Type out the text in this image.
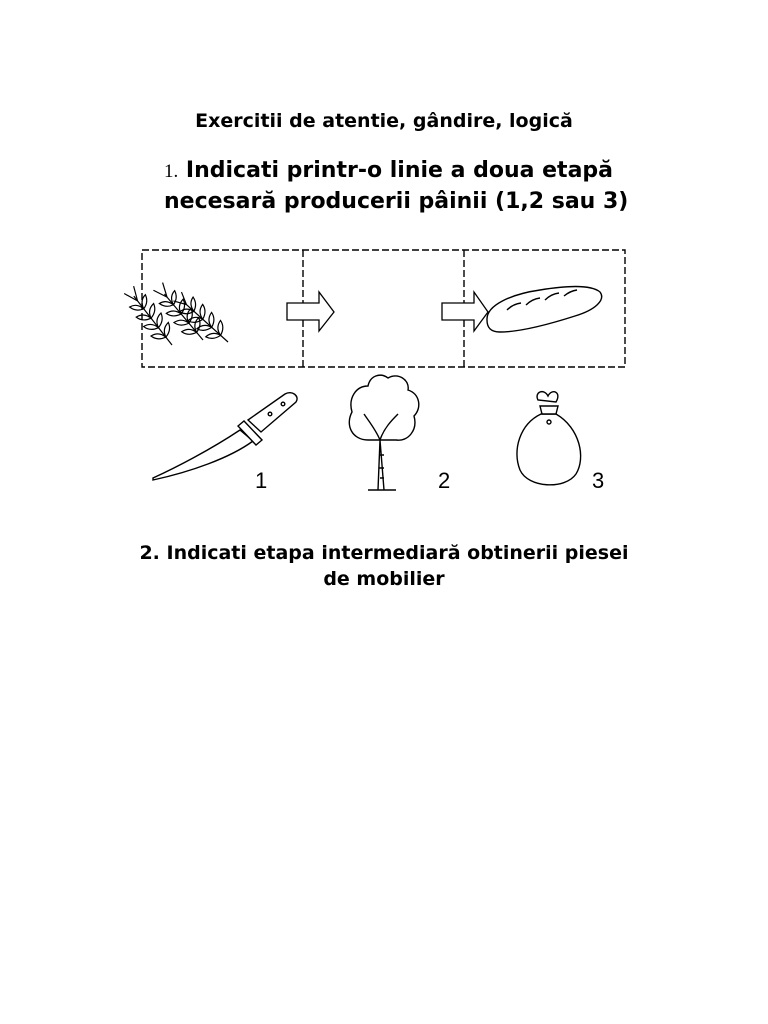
Exercitii de atentie, gândire, logică
1. Indicati printr-o linie a doua etapă
necesară producerii pâinii (1,2 sau 3)
1	2	3
2. Indicati etapa intermediară obtinerii piesei
de mobilier
